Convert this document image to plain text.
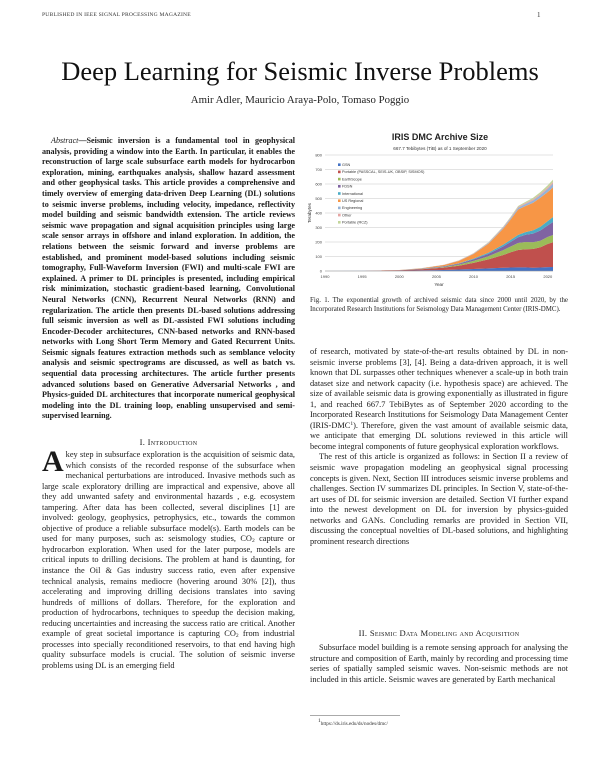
PUBLISHED IN IEEE SIGNAL PROCESSING MAGAZINE	1
Deep Learning for Seismic Inverse Problems
Amir Adler, Mauricio Araya-Polo, Tomaso Poggio

Abstract—Seismic inversion is a fundamental tool in geophysical analysis, providing a window into the Earth. In particular, it enables the reconstruction of large scale subsurface earth models for hydrocarbon exploration, mining, earthquakes analysis, shallow hazard assessment and other geophysical tasks. This article provides a comprehensive and timely overview of emerging data-driven Deep Learning (DL) solutions to seismic inverse problems, including velocity, impedance, reflectivity model building and seismic bandwidth extension. The article reviews seismic wave propagation and signal acquisition principles using large scale sensor arrays in offshore and inland exploration. In addition, the relations between the seismic forward and inverse problems are established, and prominent model-based solutions including seismic tomography, Full-Waveform Inversion (FWI) and multi-scale FWI are explained. A primer to DL principles is presented, including empirical risk minimization, stochastic gradient-based learning, Convolutional Neural Networks (CNN), Recurrent Neural Networks (RNN) and regularization. The article then presents DL-based solutions addressing full seismic inversion as well as DL-assisted FWI solutions including Encoder-Decoder architectures, CNN-based networks and RNN-based networks with Long Short Term Memory and Gated Recurrent Units. Seismic signals features extraction methods such as semblance velocity analysis and seismic spectrograms are discussed, as well as batch vs. sequential data processing architectures. The article further presents advanced solutions based on Generative Adversarial Networks , and Physics-guided DL architectures that incorporate numerical geophysical modeling into the DL training loop, enabling unsupervised and semi-supervised learning.

I. Introduction

A key step in subsurface exploration is the acquisition of seismic data, which consists of the recorded response of the subsurface when mechanical perturbations are introduced. Invasive methods such as large scale exploratory drilling are impractical and expensive, above all they add unwanted safety and environmental hazards , e.g. ecosystem tampering. After data has been collected, several disciplines [1] are involved: geology, geophysics, petrophysics, etc., towards the common objective of produce a reliable subsurface model(s). Earth models can be used for many purposes, such as: seismology studies, $CO_2$ capture or hydrocarbon exploration. When used for the later purpose, models are critical inputs to drilling decisions. The problem at hand is daunting, for instance the Oil & Gas industry success ratio, even after expensive technical analysis, remains mediocre (hovering around 30% [2]), thus accelerating and improving drilling decisions translates into saving hundreds of millions of dollars. Therefore, for the exploration and production of hydrocarbons, techniques to speedup the decision making, reducing uncertainties and increasing the success ratio are critical. Another example of great societal importance is capturing $CO_2$ from industrial processes into specially reconditioned reservoirs, to that end having high quality subsurface models is crucial. The solution of seismic inverse problems using DL is an emerging field

IRIS DMC Archive Size
667.7 Tebibytes (TiB) as of 1 September 2020
0
100
200
300
400
500
600
700
800
1990	1995	2000	2005	2010	2015	2020
Year
Terabytes
GSN
Portable (PASSCAL, SEIS-UK, OBSIP, SISMOS)
EarthScope
FDSN
International
US Regional
Engineering
Other
Portable (RCZ)
Fig. 1. The exponential growth of archived seismic data since 2000 until 2020, by the Incorporated Research Institutions for Seismology Data Management Center (IRIS-DMC).

of research, motivated by state-of-the-art results obtained by DL in non-seismic inverse problems [3], [4]. Being a data-driven approach, it is well known that DL surpasses other techniques whenever a scale-up in both train dataset size and network capacity (i.e. hypothesis space) are achieved. The size of available seismic data is growing exponentially as illustrated in figure 1, and reached 667.7 TebiBytes as of September 2020 according to the Incorporated Research Institutions for Seismology Data Management Center (IRIS-DMC$^1$). Therefore, given the vast amount of available seismic data, we anticipate that emerging DL solutions reviewed in this article will become integral components of future geophysical exploration workflows.

The rest of this article is organized as follows: in Section II a review of seismic wave propagation modeling an geophysical signal processing concepts is given. Next, Section III introduces seismic inverse problems and challenges. Section IV summarizes DL principles. In Section V, state-of-the-art uses of DL for seismic inversion are detailed. Section VI further expand into the newest development on DL for inversion by physics-guided networks and GANs. Concluding remarks are provided in Section VII, discussing the conceptual novelties of DL-based solutions, and highlighting prominent research directions

II. Seismic Data Modeling and Acquisition

Subsurface model building is a remote sensing approach for analysing the structure and composition of Earth, mainly by recording and processing time series of spatially sampled seismic waves. Non-seismic methods are not included in this article. Seismic waves are generated by Earth mechanical

$^1$https://ds.iris.edu/ds/nodes/dmc/
